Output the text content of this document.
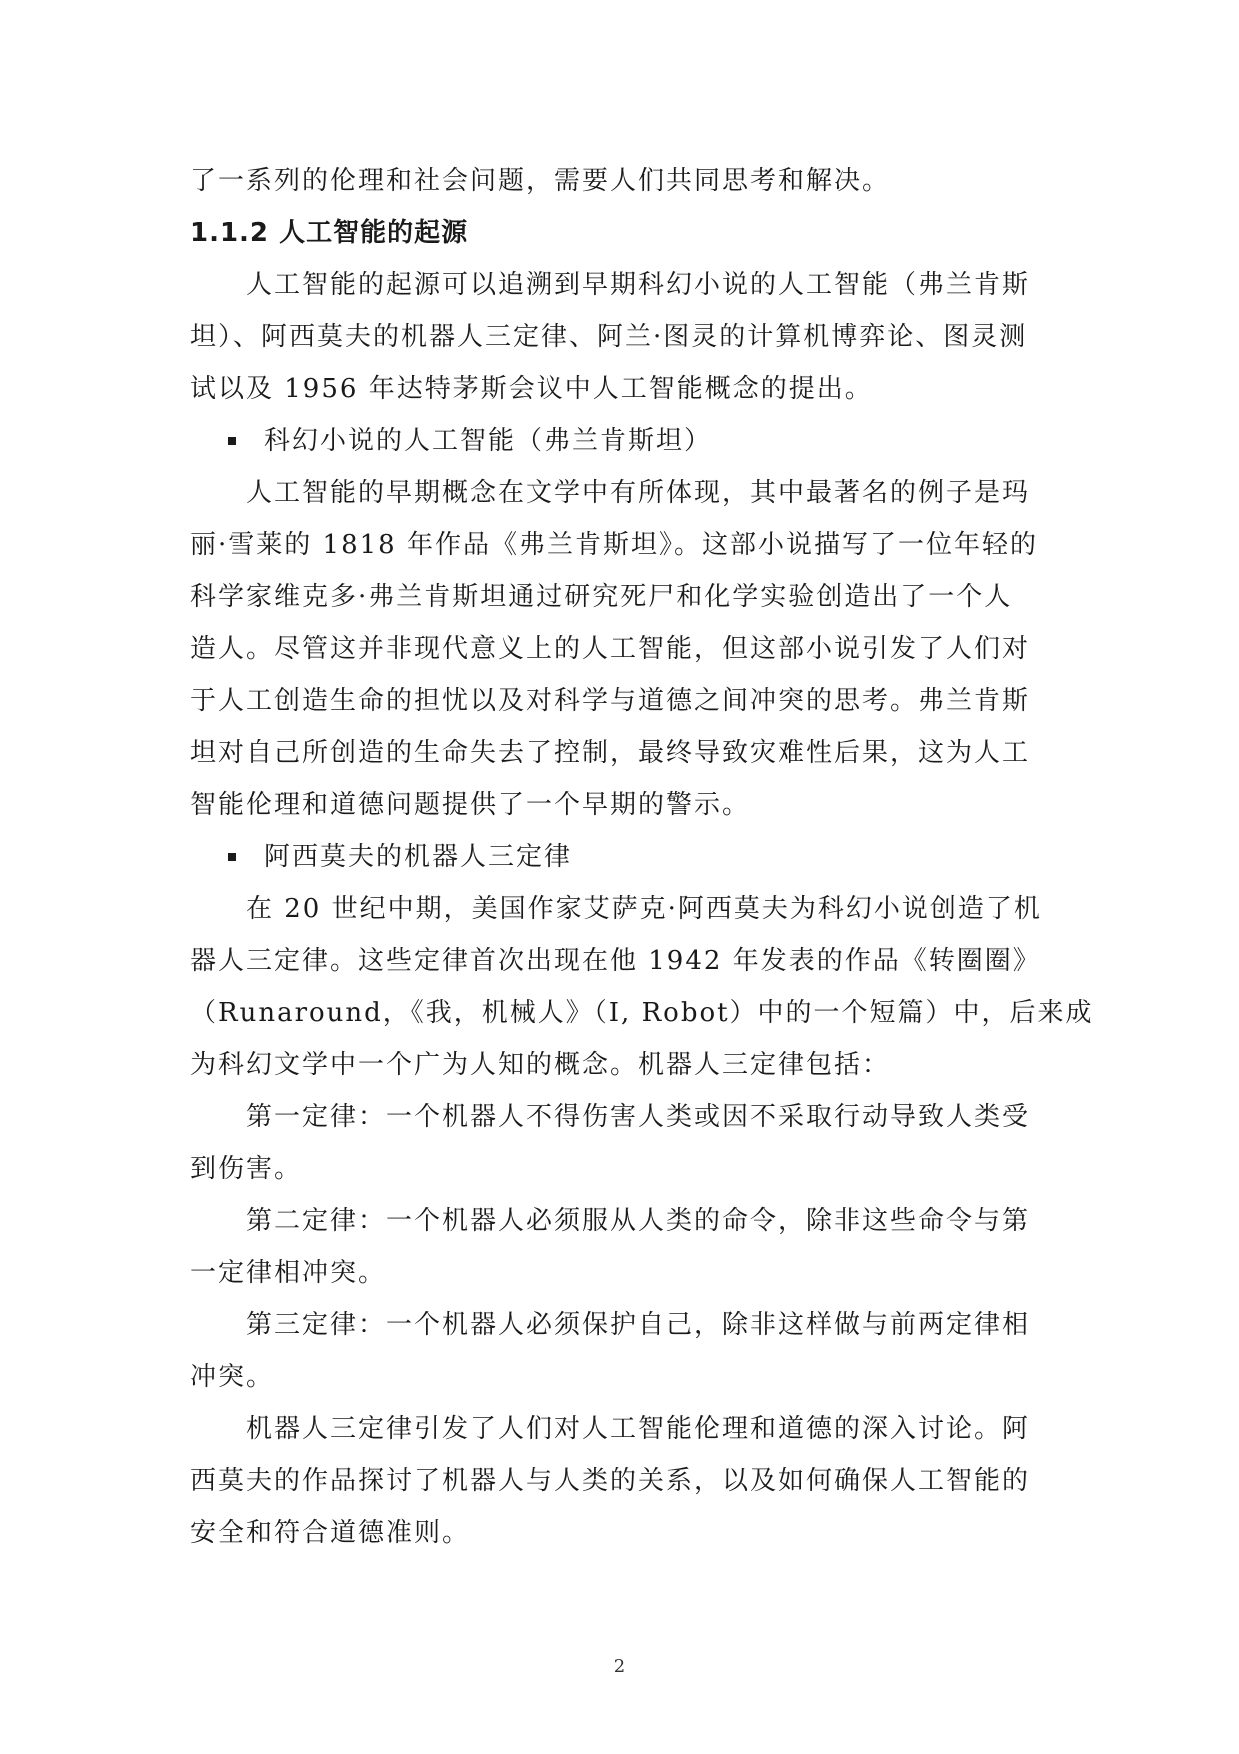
了一系列的伦理和社会问题，需要人们共同思考和解决。
1.1.2 人工智能的起源
人工智能的起源可以追溯到早期科幻小说的人工智能（弗兰肯斯
坦）、阿西莫夫的机器人三定律、阿兰·图灵的计算机博弈论、图灵测
试以及 1956 年达特茅斯会议中人工智能概念的提出。
科幻小说的人工智能（弗兰肯斯坦）
人工智能的早期概念在文学中有所体现，其中最著名的例子是玛
丽·雪莱的 1818 年作品《弗兰肯斯坦》。这部小说描写了一位年轻的
科学家维克多·弗兰肯斯坦通过研究死尸和化学实验创造出了一个人
造人。尽管这并非现代意义上的人工智能，但这部小说引发了人们对
于人工创造生命的担忧以及对科学与道德之间冲突的思考。弗兰肯斯
坦对自己所创造的生命失去了控制，最终导致灾难性后果，这为人工
智能伦理和道德问题提供了一个早期的警示。
阿西莫夫的机器人三定律
在 20 世纪中期，美国作家艾萨克·阿西莫夫为科幻小说创造了机
器人三定律。这些定律首次出现在他 1942 年发表的作品《转圈圈》
（Runaround，《我，机械人》（I, Robot）中的一个短篇）中，后来成
为科幻文学中一个广为人知的概念。机器人三定律包括：
第一定律：一个机器人不得伤害人类或因不采取行动导致人类受
到伤害。
第二定律：一个机器人必须服从人类的命令，除非这些命令与第
一定律相冲突。
第三定律：一个机器人必须保护自己，除非这样做与前两定律相
冲突。
机器人三定律引发了人们对人工智能伦理和道德的深入讨论。阿
西莫夫的作品探讨了机器人与人类的关系，以及如何确保人工智能的
安全和符合道德准则。
2
